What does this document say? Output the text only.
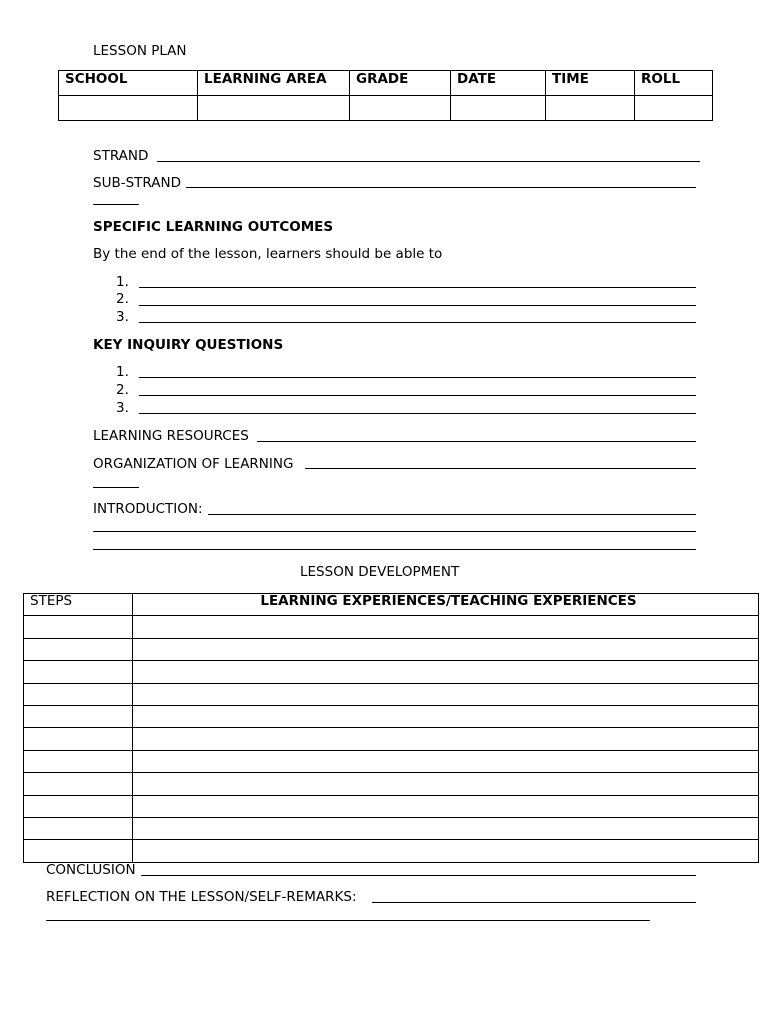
LESSON PLAN
SCHOOL	LEARNING AREA	GRADE	DATE	TIME	ROLL

STRAND
SUB-STRAND
SPECIFIC LEARNING OUTCOMES
By the end of the lesson, learners should be able to
1.
2.
3.
KEY INQUIRY QUESTIONS
1.
2.
3.
LEARNING RESOURCES
ORGANIZATION OF LEARNING
INTRODUCTION:
LESSON DEVELOPMENT
STEPS	LEARNING EXPERIENCES/TEACHING EXPERIENCES

CONCLUSION
REFLECTION ON THE LESSON/SELF-REMARKS:
